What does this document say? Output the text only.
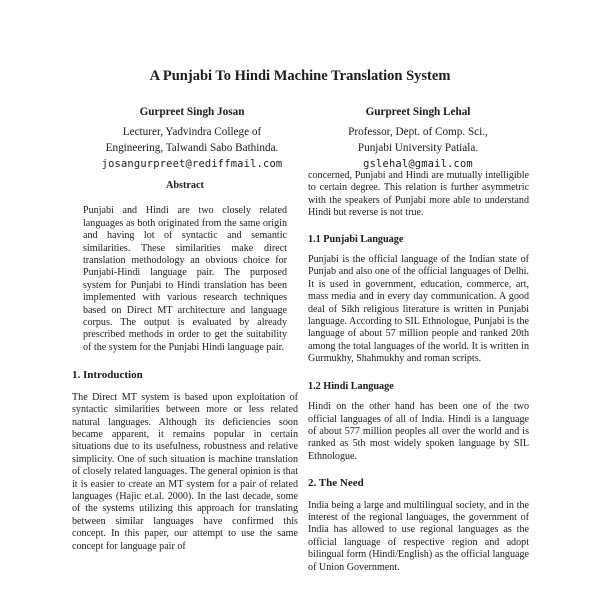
A Punjabi To Hindi Machine Translation System
Gurpreet Singh Josan
Lecturer, Yadvindra College of
Engineering, Talwandi Sabo Bathinda.
josangurpreet@rediffmail.com
Gurpreet Singh Lehal
Professor, Dept. of Comp. Sci.,
Punjabi University Patiala.
gslehal@gmail.com
Abstract

Punjabi and Hindi are two closely related languages as both originated from the same origin and having lot of syntactic and semantic similarities. These similarities make direct translation methodology an obvious choice for Punjabi-Hindi language pair. The purposed system for Punjabi to Hindi translation has been implemented with various research techniques based on Direct MT architecture and language corpus. The output is evaluated by already prescribed methods in order to get the suitability of the system for the Punjabi Hindi language pair.

1. Introduction

The Direct MT system is based upon exploitation of syntactic similarities between more or less related natural languages. Although its deficiencies soon became apparent, it remains popular in certain situations due to its usefulness, robustness and relative simplicity. One of such situation is machine translation of closely related languages. The general opinion is that it is easier to create an MT system for a pair of related languages (Hajic et.al. 2000). In the last decade, some of the systems utilizing this approach for translating between similar languages have confirmed this concept. In this paper, our attempt to use the same concept for language pair of

concerned, Punjabi and Hindi are mutually intelligible to certain degree. This relation is further asymmetric with the speakers of Punjabi more able to understand Hindi but reverse is not true.

1.1 Punjabi Language

Punjabi is the official language of the Indian state of Punjab and also one of the official languages of Delhi. It is used in government, education, commerce, art, mass media and in every day communication. A good deal of Sikh religious literature is written in Punjabi language. According to SIL Ethnologue, Punjabi is the language of about 57 million people and ranked 20th among the total languages of the world. It is written in Gurmukhy, Shahmukhy and roman scripts.

1.2 Hindi Language

Hindi on the other hand has been one of the two official languages of all of India. Hindi is a language of about 577 million peoples all over the world and is ranked as 5th most widely spoken language by SIL Ethnologue.

2. The Need

India being a large and multilingual society, and in the interest of the regional languages, the government of India has allowed to use regional languages as the official language of respective region and adopt bilingual form (Hindi/English) as the official language of Union Government.
